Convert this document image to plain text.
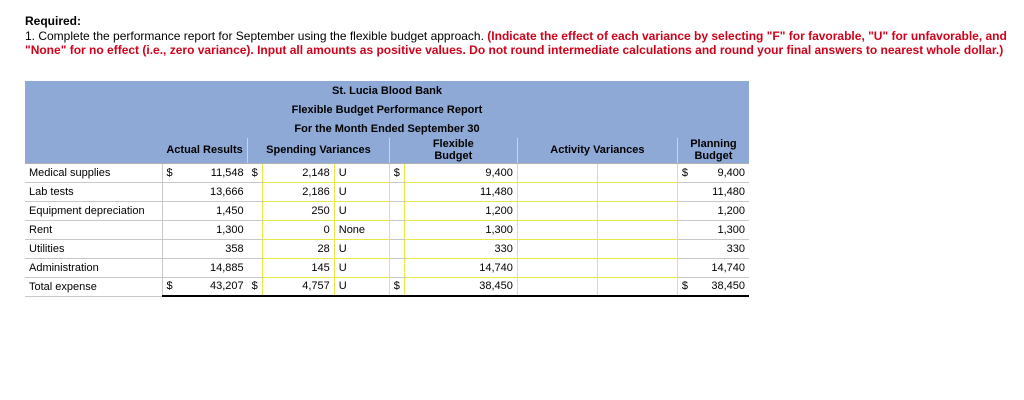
Required:
1. Complete the performance report for September using the flexible budget approach. (Indicate the effect of each variance by selecting "F" for favorable, "U" for unfavorable, and "None" for no effect (i.e., zero variance). Input all amounts as positive values. Do not round intermediate calculations and round your final answers to nearest whole dollar.)
St. Lucia Blood Bank											
Flexible Budget Performance Report											
For the Month Ended September 30											
	Actual Results		Spending Variances			Flexible Budget		Activity Variances		Planning Budget	
Medical supplies	$	11,548	$	2,148	U	$	9,400			$	9,400
Lab tests		13,666		2,186	U		11,480				11,480
Equipment depreciation		1,450		250	U		1,200				1,200
Rent		1,300		0	None		1,300				1,300
Utilities		358		28	U		330				330
Administration		14,885		145	U		14,740				14,740
Total expense	$	43,207	$	4,757	U	$	38,450			$	38,450
